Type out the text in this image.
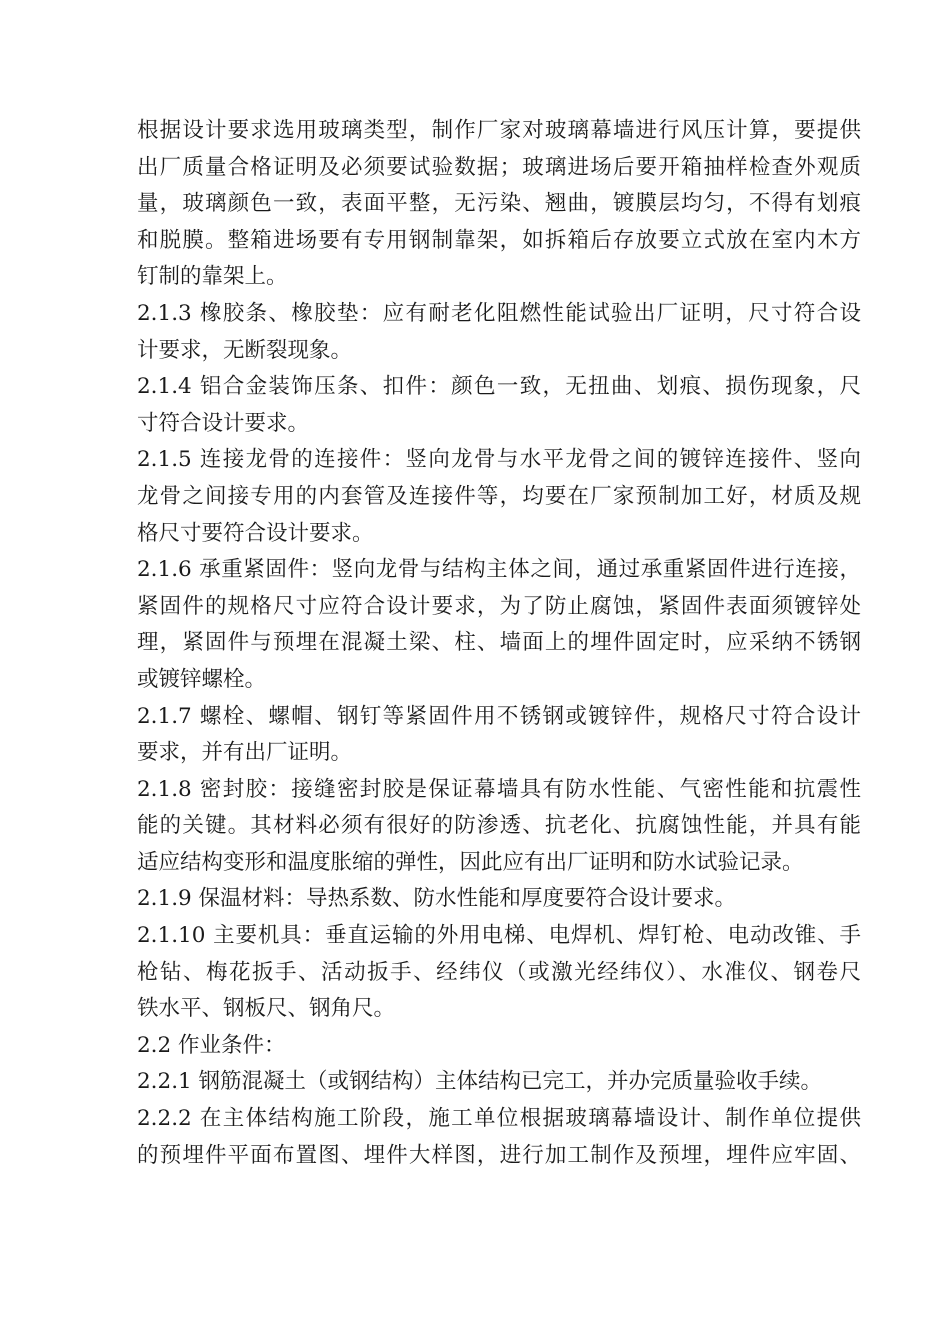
根据设计要求选用玻璃类型，制作厂家对玻璃幕墙进行风压计算，要提供
出厂质量合格证明及必须要试验数据；玻璃进场后要开箱抽样检查外观质
量，玻璃颜色一致，表面平整，无污染、翘曲，镀膜层均匀，不得有划痕
和脱膜。整箱进场要有专用钢制靠架，如拆箱后存放要立式放在室内木方
钉制的靠架上。
2.1.3 橡胶条、橡胶垫：应有耐老化阻燃性能试验出厂证明，尺寸符合设
计要求，无断裂现象。
2.1.4 铝合金装饰压条、扣件：颜色一致，无扭曲、划痕、损伤现象，尺
寸符合设计要求。
2.1.5 连接龙骨的连接件：竖向龙骨与水平龙骨之间的镀锌连接件、竖向
龙骨之间接专用的内套管及连接件等，均要在厂家预制加工好，材质及规
格尺寸要符合设计要求。
2.1.6 承重紧固件：竖向龙骨与结构主体之间，通过承重紧固件进行连接，
紧固件的规格尺寸应符合设计要求，为了防止腐蚀，紧固件表面须镀锌处
理，紧固件与预埋在混凝土梁、柱、墙面上的埋件固定时，应采纳不锈钢
或镀锌螺栓。
2.1.7 螺栓、螺帽、钢钉等紧固件用不锈钢或镀锌件，规格尺寸符合设计
要求，并有出厂证明。
2.1.8 密封胶：接缝密封胶是保证幕墙具有防水性能、气密性能和抗震性
能的关键。其材料必须有很好的防渗透、抗老化、抗腐蚀性能，并具有能
适应结构变形和温度胀缩的弹性，因此应有出厂证明和防水试验记录。
2.1.9 保温材料：导热系数、防水性能和厚度要符合设计要求。
2.1.10 主要机具：垂直运输的外用电梯、电焊机、焊钉枪、电动改锥、手
枪钻、梅花扳手、活动扳手、经纬仪（或激光经纬仪）、水准仪、钢卷尺
铁水平、钢板尺、钢角尺。
2.2 作业条件：
2.2.1 钢筋混凝土（或钢结构）主体结构已完工，并办完质量验收手续。
2.2.2 在主体结构施工阶段，施工单位根据玻璃幕墙设计、制作单位提供
的预埋件平面布置图、埋件大样图，进行加工制作及预埋，埋件应牢固、
